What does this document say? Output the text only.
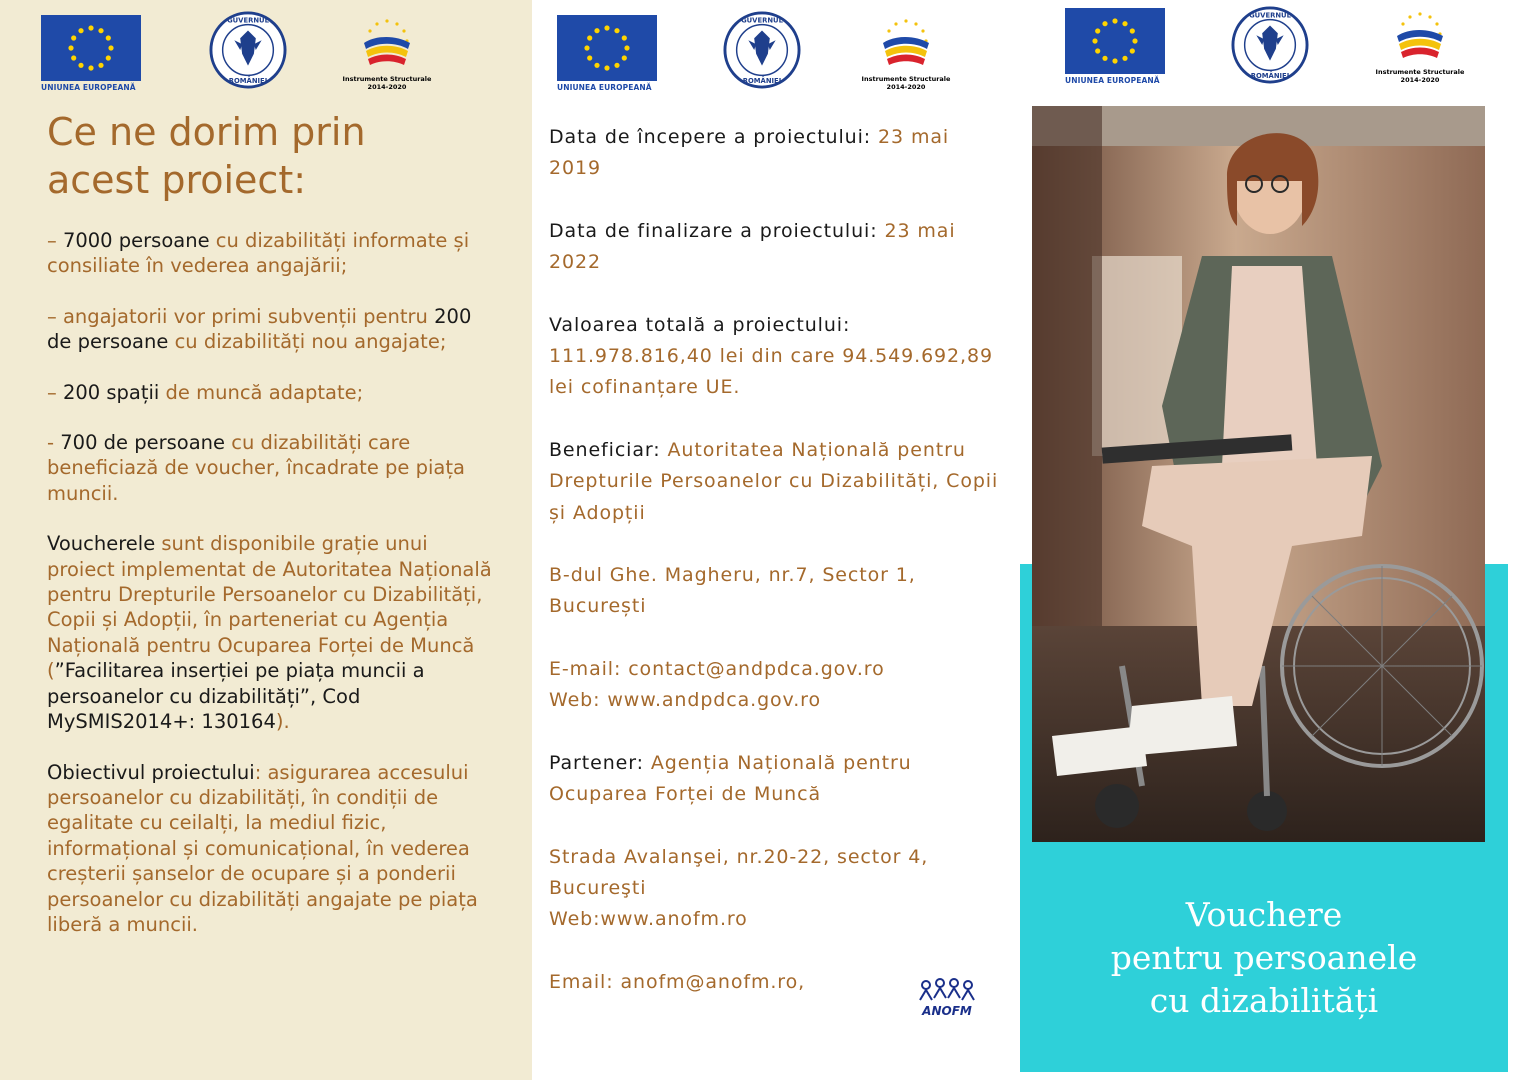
UNIUNEA EUROPEANĂ
GUVERNUL
ROMÂNIEI	Instrumente Structurale
2014-2020
Ce ne dorim prin
acest proiect:

– 7000 persoane cu dizabilități informate și consiliate în vederea angajării;

– angajatorii vor primi subvenții pentru 200 de persoane cu dizabilități nou angajate;

– 200 spații de muncă adaptate;

- 700 de persoane cu dizabilități care beneficiază de voucher, încadrate pe piața muncii.

Voucherele sunt disponibile grație unui proiect implementat de Autoritatea Națională pentru Drepturile Persoanelor cu Dizabilități, Copii și Adopții, în parteneriat cu Agenția Națională pentru Ocuparea Forței de Muncă (”Facilitarea inserției pe piața muncii a persoanelor cu dizabilități”, Cod MySMIS2014+: 130164).

Obiectivul proiectului: asigurarea accesului persoanelor cu dizabilități, în condiții de egalitate cu ceilalți, la mediul fizic, informațional și comunicațional, în vederea creșterii șanselor de ocupare și a ponderii persoanelor cu dizabilități angajate pe piața liberă a muncii.

UNIUNEA EUROPEANĂ
GUVERNUL
ROMÂNIEI	Instrumente Structurale
2014-2020

Data de începere a proiectului: 23 mai 2019

Data de finalizare a proiectului: 23 mai 2022

Valoarea totală a proiectului: 111.978.816,40 lei din care 94.549.692,89 lei cofinanțare UE.

Beneficiar: Autoritatea Națională pentru Drepturile Persoanelor cu Dizabilități, Copii și Adopții

B-dul Ghe. Magheru, nr.7, Sector 1, București

E-mail: contact@andpdca.gov.ro
Web: www.andpdca.gov.ro

Partener: Agenția Națională pentru Ocuparea Forței de Muncă

Strada Avalanşei, nr.20-22, sector 4, Bucureşti
Web:www.anofm.ro

Email: anofm@anofm.ro,

ANOFM
UNIUNEA EUROPEANĂ
GUVERNUL
ROMÂNIEI
Instrumente Structurale
2014-2020
Vouchere
pentru persoanele
cu dizabilități
